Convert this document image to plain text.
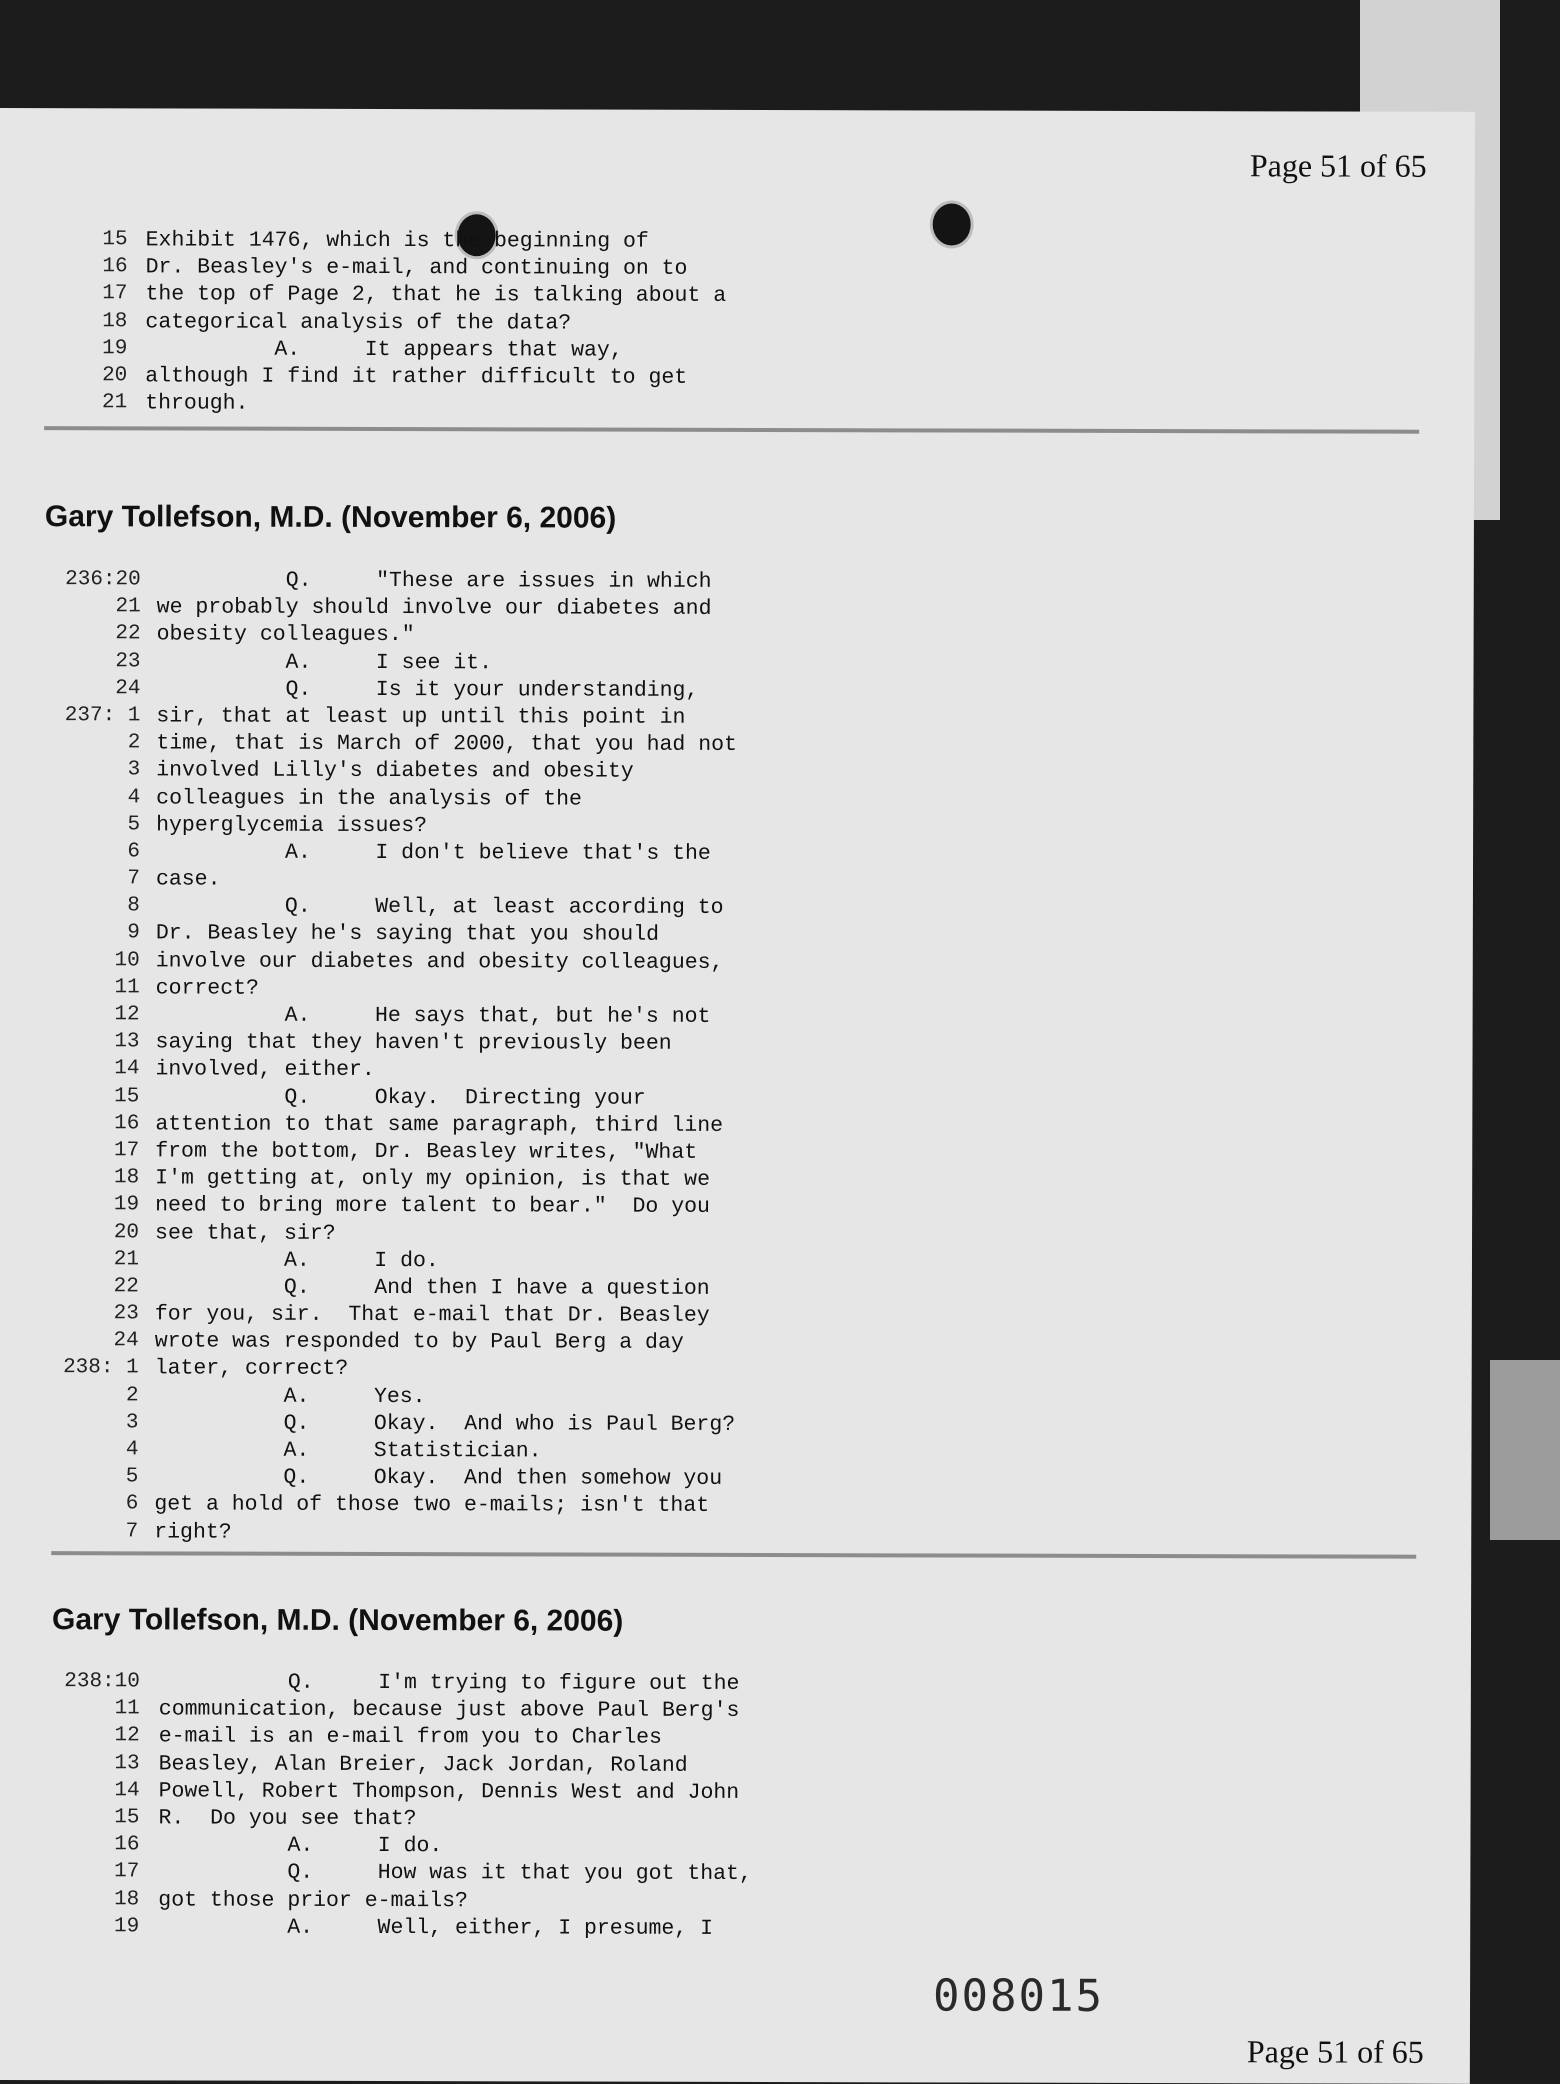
Page 51 of 65
15 Exhibit 1476, which is the beginning of
16 Dr. Beasley's e-mail, and continuing on to
17 the top of Page 2, that he is talking about a
18 categorical analysis of the data?
19 A.     It appears that way,
20 although I find it rather difficult to get
21 through.
Gary Tollefson, M.D. (November 6, 2006)
236:20 Q.     "These are issues in which
21 we probably should involve our diabetes and
22 obesity colleagues."
23 A.     I see it.
24 Q.     Is it your understanding,
237: 1 sir, that at least up until this point in
2 time, that is March of 2000, that you had not
3 involved Lilly's diabetes and obesity
4 colleagues in the analysis of the
5 hyperglycemia issues?
6 A.     I don't believe that's the
7 case.
8 Q.     Well, at least according to
9 Dr. Beasley he's saying that you should
10 involve our diabetes and obesity colleagues,
11 correct?
12 A.     He says that, but he's not
13 saying that they haven't previously been
14 involved, either.
15 Q.     Okay.  Directing your
16 attention to that same paragraph, third line
17 from the bottom, Dr. Beasley writes, "What
18 I'm getting at, only my opinion, is that we
19 need to bring more talent to bear."  Do you
20 see that, sir?
21 A.     I do.
22 Q.     And then I have a question
23 for you, sir.  That e-mail that Dr. Beasley
24 wrote was responded to by Paul Berg a day
238: 1 later, correct?
2 A.     Yes.
3 Q.     Okay.  And who is Paul Berg?
4 A.     Statistician.
5 Q.     Okay.  And then somehow you
6 get a hold of those two e-mails; isn't that
7 right?
Gary Tollefson, M.D. (November 6, 2006)
238:10 Q.     I'm trying to figure out the
11 communication, because just above Paul Berg's
12 e-mail is an e-mail from you to Charles
13 Beasley, Alan Breier, Jack Jordan, Roland
14 Powell, Robert Thompson, Dennis West and John
15 R.  Do you see that?
16 A.     I do.
17 Q.     How was it that you got that,
18 got those prior e-mails?
19 A.     Well, either, I presume, I
008015
Page 51 of 65
